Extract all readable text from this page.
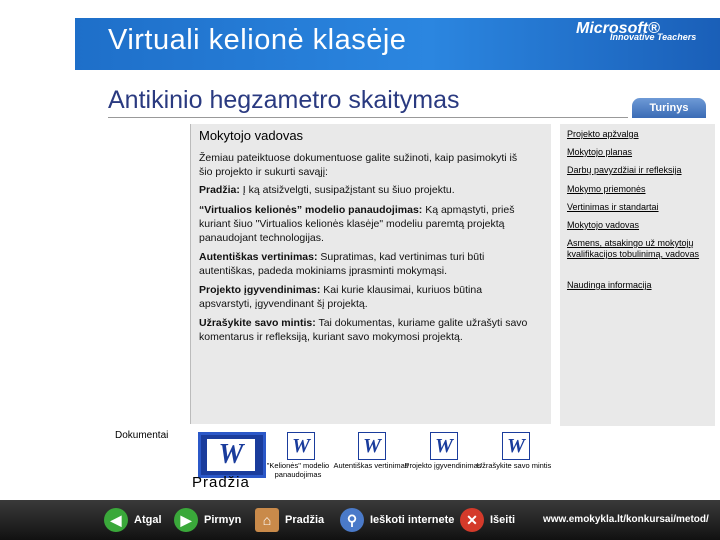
Virtuali kelionė klasėje	Microsoft®
Innovative Teachers
Antikinio hegzametro skaitymas	Turinys
Mokytojo vadovas

Žemiau pateiktuose dokumentuose galite sužinoti, kaip pasimokyti iš šio projekto ir sukurti savąjį:

Pradžia: Į ką atsižvelgti, susipažįstant su šiuo projektu.

“Virtualios kelionės” modelio panaudojimas: Ką apmąstyti, prieš kuriant šiuo "Virtualios kelionės klasėje" modeliu paremtą projektą panaudojant technologijas.

Autentiškas vertinimas: Supratimas, kad vertinimas turi būti autentiškas, padeda mokiniams įprasminti mokymąsi.

Projekto įgyvendinimas: Kai kurie klausimai, kuriuos būtina apsvarstyti, įgyvendinant šį projektą.

Užrašykite savo mintis: Tai dokumentas, kuriame galite užrašyti savo komentarus ir refleksiją, kuriant savo mokymosi projektą.

Projekto apžvalga
Mokytojo planas
Darbų pavyzdžiai ir refleksija
Mokymo priemonės
Vertinimas ir standartai
Mokytojo vadovas
Asmens, atsakingo už mokytojų kvalifikacijos tobulinimą, vadovas
Naudinga informacija
Dokumentai
W
Pradžia
W
"Kelionės" modelio panaudojimas
W
Autentiškas vertinimas
W
Projekto įgyvendinimas
W
Užrašykite savo mintis
◀	Atgal	▶	Pirmyn	⌂	Pradžia	⚲	Ieškoti internete ✕	Išeiti	www.emokykla.lt/konkursai/metod/
